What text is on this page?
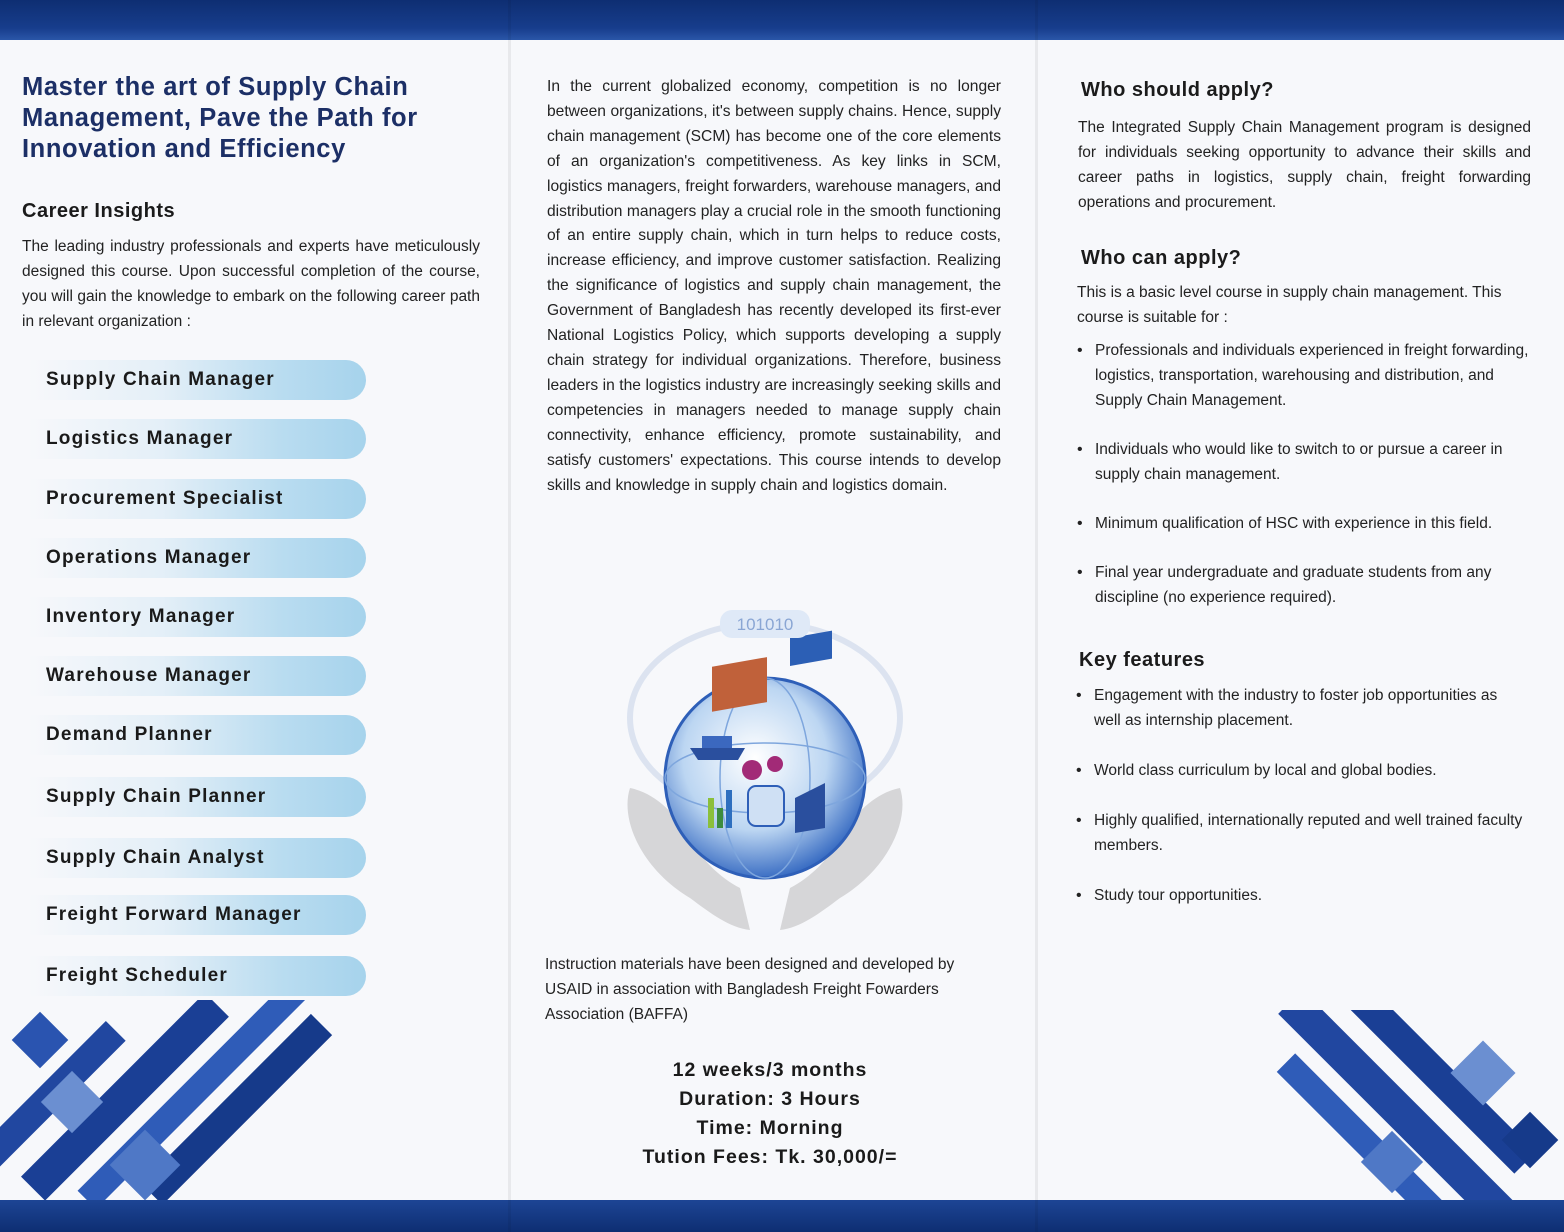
Master the art of Supply Chain Management, Pave the Path for Innovation and Efficiency
Career Insights
The leading industry professionals and experts have meticulously designed this course. Upon successful completion of the course, you will gain the knowledge to embark on the following career path in relevant organization :
Supply Chain Manager
Logistics Manager
Procurement Specialist
Operations Manager
Inventory Manager
Warehouse Manager
Demand Planner
Supply Chain Planner
Supply Chain Analyst
Freight Forward Manager
Freight Scheduler
In the current globalized economy, competition is no longer between organizations, it's between supply chains. Hence, supply chain management (SCM) has become one of the core elements of an organization's competitiveness. As key links in SCM, logistics managers, freight forwarders, warehouse managers, and distribution managers play a crucial role in the smooth functioning of an entire supply chain, which in turn helps to reduce costs, increase efficiency, and improve customer satisfaction. Realizing the significance of logistics and supply chain management, the Government of Bangladesh has recently developed its first-ever National Logistics Policy, which supports developing a supply chain strategy for individual organizations. Therefore, business leaders in the logistics industry are increasingly seeking skills and competencies in managers needed to manage supply chain connectivity, enhance efficiency, promote sustainability, and satisfy customers' expectations. This course intends to develop skills and knowledge in supply chain and logistics domain.
101010
Instruction materials have been designed and developed by USAID in association with Bangladesh Freight Fowarders Association (BAFFA)
12 weeks/3 months
Duration: 3 Hours
Time: Morning
Tution Fees: Tk. 30,000/=
Who should apply?
The Integrated Supply Chain Management program is designed for individuals seeking opportunity to advance their skills and career paths in logistics, supply chain, freight forwarding operations and procurement.
Who can apply?
This is a basic level course in supply chain management. This course is suitable for :
• Professionals and individuals experienced in freight forwarding, logistics, transportation, warehousing and distribution, and Supply Chain Management.
• Individuals who would like to switch to or pursue a career in supply chain management.
• Minimum qualification of HSC with experience in this field.
• Final year undergraduate and graduate students from any discipline (no experience required).
Key features
• Engagement with the industry to foster job opportunities as well as internship placement.
• World class curriculum by local and global bodies.
• Highly qualified, internationally reputed and well trained faculty members.
• Study tour opportunities.
